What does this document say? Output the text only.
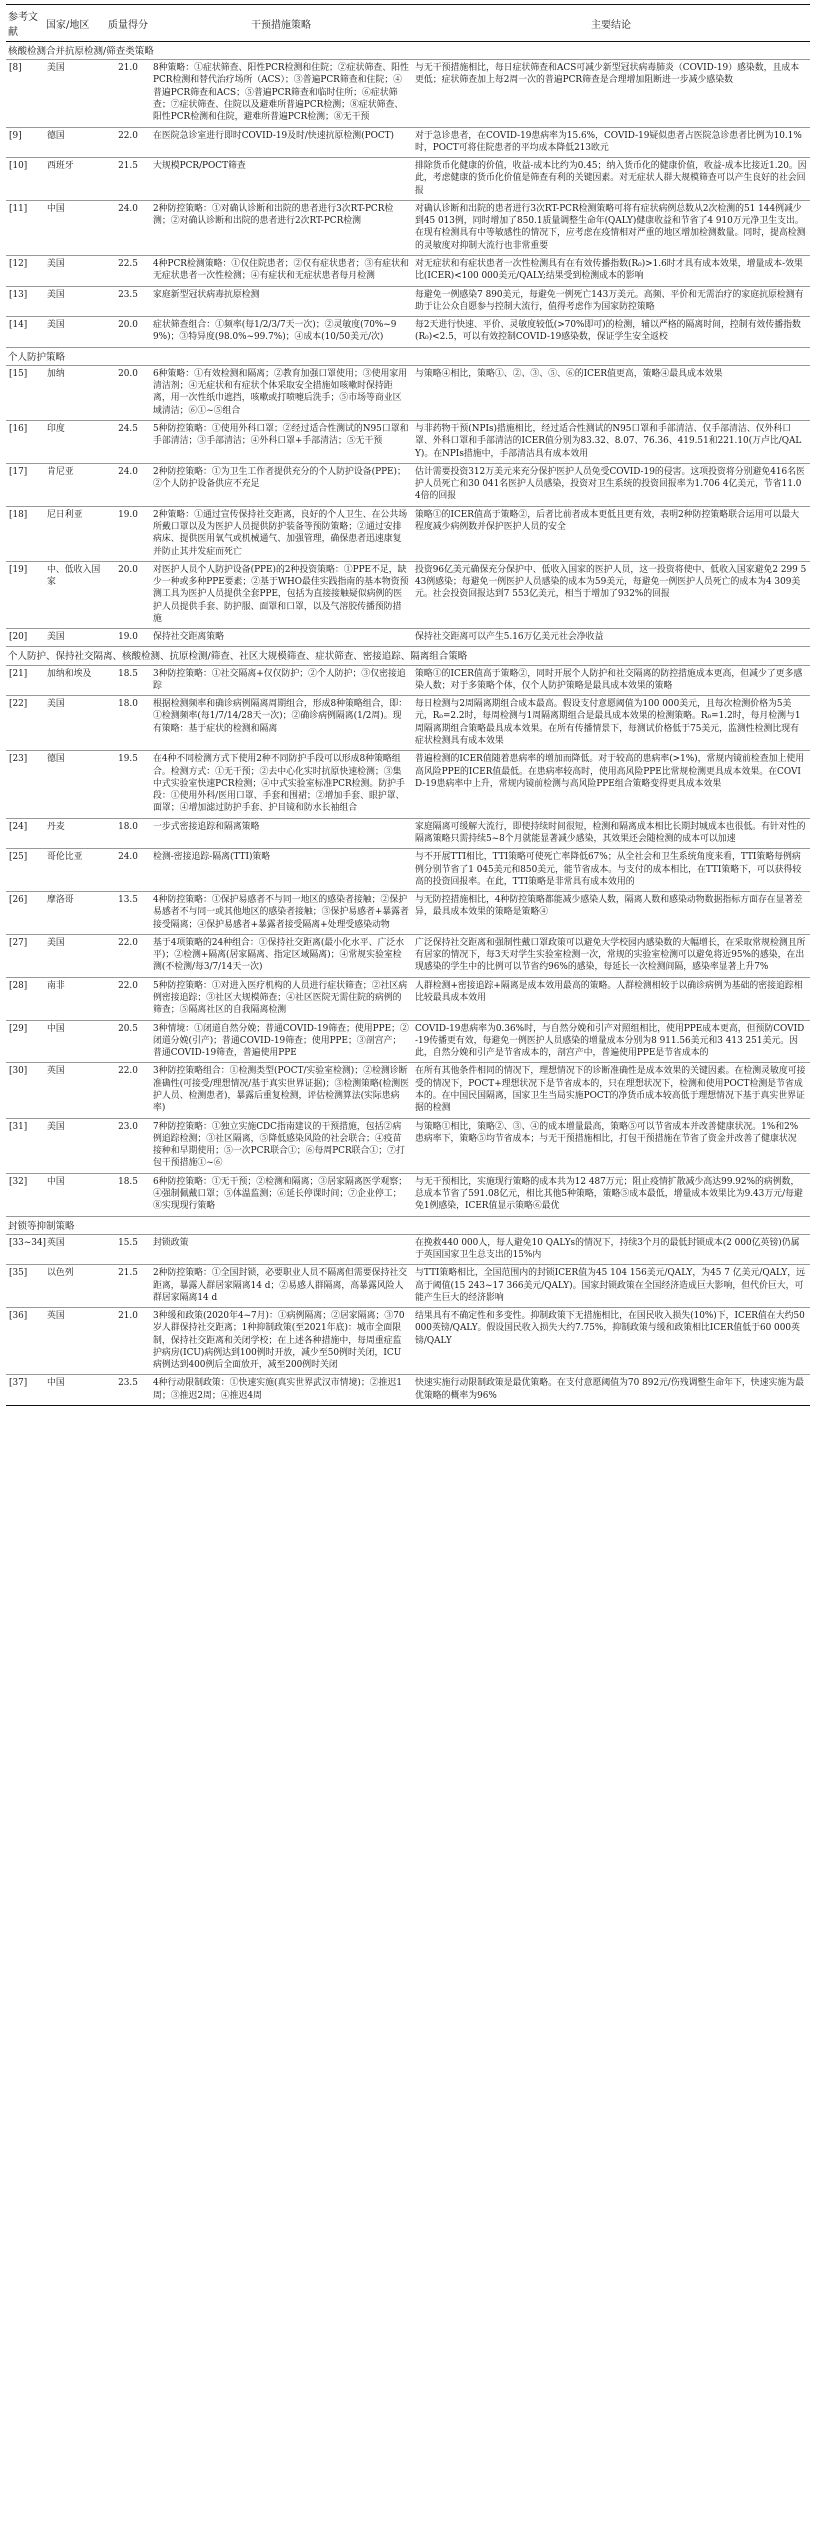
参考文献	国家/地区	质量得分	干预措施策略	主要结论
核酸检测合并抗原检测/筛查类策略				
[8]	美国	21.0	8种策略：①症状筛查、阳性PCR检测和住院；②症状筛查、阳性PCR检测和替代治疗场所（ACS）；③普遍PCR筛查和住院；④普遍PCR筛查和ACS；⑤普遍PCR筛查和临时住所；⑥症状筛查；⑦症状筛查、住院以及避难所普遍PCR检测；⑧症状筛查、阳性PCR检测和住院，避难所普遍PCR检测；⑧无干预	与无干预措施相比，每日症状筛查和ACS可减少新型冠状病毒肺炎（COVID-19）感染数，且成本更低；症状筛查加上每2周一次的普遍PCR筛查是合理增加阻断进一步减少感染数
[9]	德国	22.0	在医院急诊室进行即时COVID-19及时/快速抗原检测(POCT)	对于急诊患者，在COVID-19患病率为15.6%，COVID-19疑似患者占医院急诊患者比例为10.1%时，POCT可将住院患者的平均成本降低213欧元
[10]	西班牙	21.5	大规模PCR/POCT筛查	排除货币化健康的价值，收益-成本比约为0.45；纳入货币化的健康价值，收益-成本比接近1.20。因此，考虑健康的货币化价值是筛查有利的关键因素。对无症状人群大规模筛查可以产生良好的社会回报
[11]	中国	24.0	2种防控策略：①对确认诊断和出院的患者进行3次RT-PCR检测；②对确认诊断和出院的患者进行2次RT-PCR检测	对确认诊断和出院的患者进行3次RT-PCR检测策略可将有症状病例总数从2次检测的51 144例减少到45 013例，同时增加了850.1质量调整生命年(QALY)健康收益和节省了4 910万元净卫生支出。在现有检测具有中等敏感性的情况下，应考虑在疫情相对严重的地区增加检测数量。同时，提高检测的灵敏度对抑制大流行也非常重要
[12]	美国	22.5	4种PCR检测策略：①仅住院患者；②仅有症状患者；③有症状和无症状患者一次性检测；④有症状和无症状患者每月检测	对无症状和有症状患者一次性检测具有在有效传播指数(R₀)>1.6时才具有成本效果，增量成本-效果比(ICER)<100 000美元/QALY;结果受到检测成本的影响
[13]	美国	23.5	家庭新型冠状病毒抗原检测	每避免一例感染7 890美元，每避免一例死亡143万美元。高频、平价和无需治疗的家庭抗原检测有助于让公众自愿参与控制大流行，值得考虑作为国家防控策略
[14]	美国	20.0	症状筛查组合：①频率(每1/2/3/7天一次)；②灵敏度(70%~99%)；③特异度(98.0%~99.7%)；④成本(10/50美元/次)	每2天进行快速、平价、灵敏度较低(>70%即可)的检测，辅以严格的隔离时间，控制有效传播指数(R₀)<2.5，可以有效控制COVID-19感染数，保证学生安全返校
个人防护策略				
[15]	加纳	20.0	6种策略：①有效检测和隔离；②教育加强口罩使用；③使用家用清洁剂；④无症状和有症状个体采取安全措施如咳嗽时保持距离，用一次性纸巾遮挡，咳嗽或打喷嚏后洗手；⑤市场等商业区域清洁；⑥①~⑤组合	与策略④相比，策略①、②、③、⑤、⑥的ICER值更高，策略④最具成本效果
[16]	印度	24.5	5种防控策略：①使用外科口罩；②经过适合性测试的N95口罩和手部清洁；③手部清洁；④外科口罩+手部清洁；⑤无干预	与非药物干预(NPIs)措施相比，经过适合性测试的N95口罩和手部清洁、仅手部清洁、仅外科口罩、外科口罩和手部清洁的ICER值分别为83.32、8.07、76.36、419.51和221.10(万卢比/QALY)。在NPIs措施中，手部清洁具有成本效用
[17]	肯尼亚	24.0	2种防控策略：①为卫生工作者提供充分的个人防护设备(PPE)；②个人防护设备供应不充足	估计需要投资312万美元来充分保护医护人员免受COVID-19的侵害。这项投资将分别避免416名医护人员死亡和30 041名医护人员感染，投资对卫生系统的投资回报率为1.706 4亿美元，节省11.04倍的回报
[18]	尼日利亚	19.0	2种策略：①通过宣传保持社交距离，良好的个人卫生、在公共场所戴口罩以及为医护人员提供防护装备等预防策略；②通过安排病床、提供医用氧气或机械通气、加强管理，确保患者迅速康复并防止其并发症而死亡	策略①的ICER值高于策略②，后者比前者成本更低且更有效，表明2种防控策略联合运用可以最大程度减少病例数并保护医护人员的安全
[19]	中、低收入国家	20.0	对医护人员个人防护设备(PPE)的2种投资策略：①PPE不足，缺少一种或多种PPE要素；②基于WHO最佳实践指南的基本物资预测工具为医护人员提供全套PPE，包括为直接接触疑似病例的医护人员提供手套、防护服、面罩和口罩，以及气溶胶传播预防措施	投资96亿美元确保充分保护中、低收入国家的医护人员，这一投资将使中、低收入国家避免2 299 543例感染；每避免一例医护人员感染的成本为59美元，每避免一例医护人员死亡的成本为4 309美元。社会投资回报达到7 553亿美元，相当于增加了932%的回报
[20]	美国	19.0	保持社交距离策略	保持社交距离可以产生5.16万亿美元社会净收益
个人防护、保持社交隔离、核酸检测、抗原检测/筛查、社区大规模筛查、症状筛查、密接追踪、隔离组合策略				
[21]	加纳和埃及	18.5	3种防控策略：①社交隔离+仅仅防护；②个人防护；③仅密接追踪	策略①的ICER值高于策略②，同时开展个人防护和社交隔离的防控措施成本更高，但减少了更多感染人数；对于多策略个体，仅个人防护策略是最具成本效果的策略
[22]	美国	18.0	根据检测频率和确诊病例隔离周期组合，形成8种策略组合，即：①检测频率(每1/7/14/28天一次)；②确诊病例隔离(1/2周)。现有策略：基于症状的检测和隔离	每日检测与2周隔离期组合成本最高。假设支付意愿阈值为100 000美元，且每次检测价格为5美元，R₀=2.2时，每周检测与1周隔离期组合是最具成本效果的检测策略。R₀=1.2时，每月检测与1周隔离期组合策略最具成本效果。在所有传播情景下，每测试价格低于75美元，监测性检测比现有症状检测具有成本效果
[23]	德国	19.5	在4种不同检测方式下使用2种不同防护手段可以形成8种策略组合。检测方式：①无干预；②去中心化实时抗原快速检测；③集中式实验室快速PCR检测；④中式实验室标准PCR检测。防护手段：①使用外科/医用口罩、手套和围裙；②增加手套、眼护罩、面罩；④增加滤过防护手套、护目镜和防水长袖组合	普遍检测的ICER值随着患病率的增加而降低。对于较高的患病率(>1%)，常规内镜前检查加上使用高风险PPE的ICER值最低。在患病率较高时，使用高风险PPE比常规检测更具成本效果。在COVID-19患病率中上升，常规内镜前检测与高风险PPE组合策略变得更具成本效果
[24]	丹麦	18.0	一步式密接追踪和隔离策略	家庭隔离可缓解大流行，即使持续时间很短，检测和隔离成本相比长期封城成本也很低。有针对性的隔离策略只需持续5~8个月就能显著减少感染，其效果还会随检测的成本可以加速
[25]	哥伦比亚	24.0	检测-密接追踪-隔离(TTI)策略	与不开展TTI相比，TTI策略可使死亡率降低67%；从全社会和卫生系统角度来看，TTI策略每例病例分别节省了1 045美元和850美元，能节省成本。与支付的成本相比，在TTI策略下，可以获得较高的投资回报率。在此，TTI策略是非常具有成本效用的
[26]	摩洛哥	13.5	4种防控策略：①保护易感者不与同一地区的感染者接触；②保护易感者不与同一或其他地区的感染者接触；③保护易感者+暴露者接受隔离；④保护易感者+暴露者接受隔离+处理受感染动物	与无防控措施相比，4种防控策略都能减少感染人数，隔离人数和感染动物数据指标方面存在显著差异，最具成本效果的策略是策略④
[27]	美国	22.0	基于4项策略的24种组合：①保持社交距离(最小化水平、广泛水平)；②检测+隔离(居家隔离、指定区域隔离)；④常规实验室检测(不检测/每3/7/14天一次)	广泛保持社交距离和强制性戴口罩政策可以避免大学校园内感染数的大幅增长，在采取常规检测且所有居家的情况下，每3天对学生实验室检测一次，常规的实验室检测可以避免将近95%的感染，在出现感染的学生中的比例可以节省约96%的感染，每延长一次检测间隔，感染率显著上升7%
[28]	南非	22.0	5种防控策略：①对进入医疗机构的人员进行症状筛查；②社区病例密接追踪；③社区大规模筛查；④社区医院无需住院的病例的筛查；⑤隔离社区的自我隔离检测	人群检测+密接追踪+隔离是成本效用最高的策略。人群检测相较于以确诊病例为基础的密接追踪相比较最具成本效用
[29]	中国	20.5	3种情境：①闭道自然分娩；普通COVID-19筛查；使用PPE；②闭道分娩(引产)；普通COVID-19筛查；使用PPE；③剖宫产；普通COVID-19筛查，普遍使用PPE	COVID-19患病率为0.36%时，与自然分娩和引产对照组相比，使用PPE成本更高，但预防COVID-19传播更有效，每避免一例医护人员感染的增量成本分别为8 911.56美元和3 413 251美元。因此，自然分娩和引产是节省成本的，剖宫产中，普遍使用PPE是节省成本的
[30]	英国	22.0	3种防控策略组合：①检测类型(POCT/实验室检测)；②检测诊断准确性(可接受/理想情况/基于真实世界证据)；③检测策略(检测医护人员、检测患者)，暴露后重复检测，评估检测算法(实际患病率)	在所有其他条件相同的情况下，理想情况下的诊断准确性是成本效果的关键因素。在检测灵敏度可接受的情况下，POCT+理想状况下是节省成本的，只在理想状况下，检测和使用POCT检测是节省成本的。在中国民国隔离，国家卫生当局实施POCT的净货币成本较高低于理想情况下基于真实世界证据的检测
[31]	美国	23.0	7种防控策略：①独立实施CDC指南建议的干预措施，包括②病例追踪检测；③社区隔离，⑤降低感染风险的社会联合；④疫苗接种和早期使用；⑤一次PCR联合①；⑥每周PCR联合①；⑦打包干预措施①~⑥	与策略①相比，策略②、③、④的成本增量最高，策略⑤可以节省成本并改善健康状况。1%和2%患病率下，策略⑤均节省成本；与无干预措施相比，打包干预措施在节省了资金并改善了健康状况
[32]	中国	18.5	6种防控策略：①无干预；②检测和隔离；③居家隔离医学观察；④强制佩戴口罩；⑤体温监测；⑥延长停课时间；⑦企业停工；⑧实现现行策略	与无干预相比，实施现行策略的成本共为12 487万元；阻止疫情扩散减少高达99.92%的病例数，总成本节省了591.08亿元，相比其他5种策略，策略⑤成本最低，增量成本效果比为9.43万元/每避免1例感染，ICER值显示策略⑥最优
封锁等抑制策略				
[33~34]	英国	15.5	封锁政策	在挽救440 000人，每人避免10 QALYs的情况下，持续3个月的最低封锁成本(2 000亿英镑)仍属于英国国家卫生总支出的15%内
[35]	以色列	21.5	2种防控策略：①全国封锁，必要职业人员不隔离但需要保持社交距离，暴露人群居家隔离14 d；②易感人群隔离，高暴露风险人群居家隔离14 d	与TTI策略相比，全国范围内的封锁ICER值为45 104 156美元/QALY，为45 7 亿美元/QALY，远高于阈值(15 243~17 366美元/QALY)。国家封锁政策在全国经济造成巨大影响，但代价巨大，可能产生巨大的经济影响
[36]	英国	21.0	3种缓和政策(2020年4~7月)：①病例隔离；②居家隔离；③70岁人群保持社交距离；1种抑制政策(至2021年底)：城市全面限制，保持社交距离和关闭学校；在上述各种措施中，每周重症监护病房(ICU)病例达到100例时开放，减少至50例时关闭，ICU病例达到400例后全面放开，减至200例时关闭	结果具有不确定性和多变性。抑制政策下无措施相比，在国民收入损失(10%)下，ICER值在大约50 000英镑/QALY。假设国民收入损失大约7.75%，抑制政策与缓和政策相比ICER值低于60 000英镑/QALY
[37]	中国	23.5	4种行动限制政策：①快速实施(真实世界武汉市情境)；②推迟1周；③推迟2周；④推迟4周	快速实施行动限制政策是最优策略。在支付意愿阈值为70 892元/伤残调整生命年下，快速实施为最优策略的概率为96%
